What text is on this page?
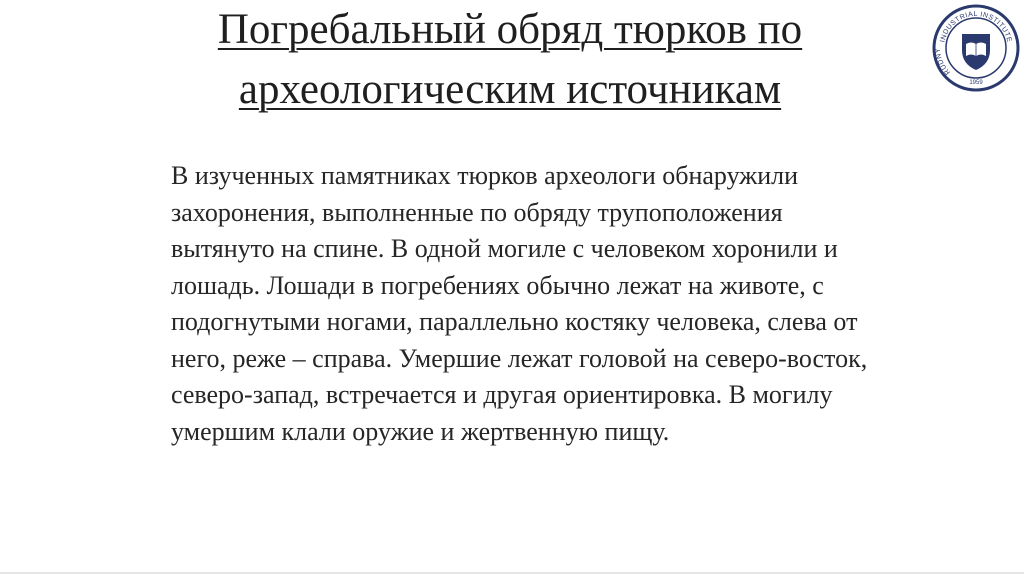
Погребальный обряд тюрков по
археологическим источникам
В изученных памятниках тюрков археологи обнаружили
захоронения, выполненные по обряду трупоположения
вытянуто на спине. В одной могиле с человеком хоронили и
лошадь. Лошади в погребениях обычно лежат на животе, с
подогнутыми ногами, параллельно костяку человека, слева от
него, реже – справа. Умершие лежат головой на северо-восток,
северо-запад, встречается и другая ориентировка. В могилу
умершим клали оружие и жертвенную пищу.
INDUSTRIAL INSTITUTE
RUDNY
1959
